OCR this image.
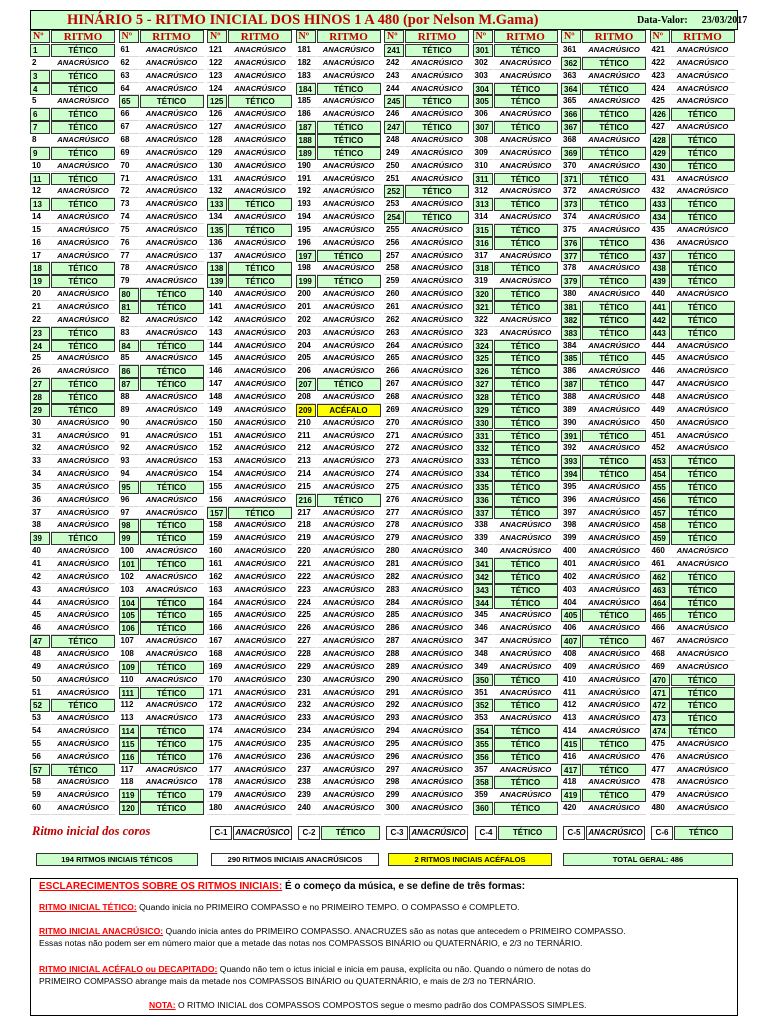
HINÁRIO 5 - RITMO INICIAL DOS HINOS 1 A 480 (por Nelson M.Gama)	Data-Valor: 23/03/2017
Nº	RITMO
1	TÉTICO
2	ANACRÚSICO
3	TÉTICO
4	TÉTICO
5	ANACRÚSICO
6	TÉTICO
7	TÉTICO
8	ANACRÚSICO
9	TÉTICO
10	ANACRÚSICO
11	TÉTICO
12	ANACRÚSICO
13	TÉTICO
14	ANACRÚSICO
15	ANACRÚSICO
16	ANACRÚSICO
17	ANACRÚSICO
18	TÉTICO
19	TÉTICO
20	ANACRÚSICO
21	ANACRÚSICO
22	ANACRÚSICO
23	TÉTICO
24	TÉTICO
25	ANACRÚSICO
26	ANACRÚSICO
27	TÉTICO
28	TÉTICO
29	TÉTICO
30	ANACRÚSICO
31	ANACRÚSICO
32	ANACRÚSICO
33	ANACRÚSICO
34	ANACRÚSICO
35	ANACRÚSICO
36	ANACRÚSICO
37	ANACRÚSICO
38	ANACRÚSICO
39	TÉTICO
40	ANACRÚSICO
41	ANACRÚSICO
42	ANACRÚSICO
43	ANACRÚSICO
44	ANACRÚSICO
45	ANACRÚSICO
46	ANACRÚSICO
47	TÉTICO
48	ANACRÚSICO
49	ANACRÚSICO
50	ANACRÚSICO
51	ANACRÚSICO
52	TÉTICO
53	ANACRÚSICO
54	ANACRÚSICO
55	ANACRÚSICO
56	ANACRÚSICO
57	TÉTICO
58	ANACRÚSICO
59	ANACRÚSICO
60	ANACRÚSICO
Nº	RITMO
61	ANACRÚSICO
62	ANACRÚSICO
63	ANACRÚSICO
64	ANACRÚSICO
65	TÉTICO
66	ANACRÚSICO
67	ANACRÚSICO
68	ANACRÚSICO
69	ANACRÚSICO
70	ANACRÚSICO
71	ANACRÚSICO
72	ANACRÚSICO
73	ANACRÚSICO
74	ANACRÚSICO
75	ANACRÚSICO
76	ANACRÚSICO
77	ANACRÚSICO
78	ANACRÚSICO
79	ANACRÚSICO
80	TÉTICO
81	TÉTICO
82	ANACRÚSICO
83	ANACRÚSICO
84	TÉTICO
85	ANACRÚSICO
86	TÉTICO
87	TÉTICO
88	ANACRÚSICO
89	ANACRÚSICO
90	ANACRÚSICO
91	ANACRÚSICO
92	ANACRÚSICO
93	ANACRÚSICO
94	ANACRÚSICO
95	TÉTICO
96	ANACRÚSICO
97	ANACRÚSICO
98	TÉTICO
99	TÉTICO
100	ANACRÚSICO
101	TÉTICO
102	ANACRÚSICO
103	ANACRÚSICO
104	TÉTICO
105	TÉTICO
106	TÉTICO
107	ANACRÚSICO
108	ANACRÚSICO
109	TÉTICO
110	ANACRÚSICO
111	TÉTICO
112	ANACRÚSICO
113	ANACRÚSICO
114	TÉTICO
115	TÉTICO
116	TÉTICO
117	ANACRÚSICO
118	ANACRÚSICO
119	TÉTICO
120	TÉTICO
Nº	RITMO
121	ANACRÚSICO
122	ANACRÚSICO
123	ANACRÚSICO
124	ANACRÚSICO
125	TÉTICO
126	ANACRÚSICO
127	ANACRÚSICO
128	ANACRÚSICO
129	ANACRÚSICO
130	ANACRÚSICO
131	ANACRÚSICO
132	ANACRÚSICO
133	TÉTICO
134	ANACRÚSICO
135	TÉTICO
136	ANACRÚSICO
137	ANACRÚSICO
138	TÉTICO
139	TÉTICO
140	ANACRÚSICO
141	ANACRÚSICO
142	ANACRÚSICO
143	ANACRÚSICO
144	ANACRÚSICO
145	ANACRÚSICO
146	ANACRÚSICO
147	ANACRÚSICO
148	ANACRÚSICO
149	ANACRÚSICO
150	ANACRÚSICO
151	ANACRÚSICO
152	ANACRÚSICO
153	ANACRÚSICO
154	ANACRÚSICO
155	ANACRÚSICO
156	ANACRÚSICO
157	TÉTICO
158	ANACRÚSICO
159	ANACRÚSICO
160	ANACRÚSICO
161	ANACRÚSICO
162	ANACRÚSICO
163	ANACRÚSICO
164	ANACRÚSICO
165	ANACRÚSICO
166	ANACRÚSICO
167	ANACRÚSICO
168	ANACRÚSICO
169	ANACRÚSICO
170	ANACRÚSICO
171	ANACRÚSICO
172	ANACRÚSICO
173	ANACRÚSICO
174	ANACRÚSICO
175	ANACRÚSICO
176	ANACRÚSICO
177	ANACRÚSICO
178	ANACRÚSICO
179	ANACRÚSICO
180	ANACRÚSICO
Nº	RITMO
181	ANACRÚSICO
182	ANACRÚSICO
183	ANACRÚSICO
184	TÉTICO
185	ANACRÚSICO
186	ANACRÚSICO
187	TÉTICO
188	TÉTICO
189	TÉTICO
190	ANACRÚSICO
191	ANACRÚSICO
192	ANACRÚSICO
193	ANACRÚSICO
194	ANACRÚSICO
195	ANACRÚSICO
196	ANACRÚSICO
197	TÉTICO
198	ANACRÚSICO
199	TÉTICO
200	ANACRÚSICO
201	ANACRÚSICO
202	ANACRÚSICO
203	ANACRÚSICO
204	ANACRÚSICO
205	ANACRÚSICO
206	ANACRÚSICO
207	TÉTICO
208	ANACRÚSICO
209	ACÉFALO
210	ANACRÚSICO
211	ANACRÚSICO
212	ANACRÚSICO
213	ANACRÚSICO
214	ANACRÚSICO
215	ANACRÚSICO
216	TÉTICO
217	ANACRÚSICO
218	ANACRÚSICO
219	ANACRÚSICO
220	ANACRÚSICO
221	ANACRÚSICO
222	ANACRÚSICO
223	ANACRÚSICO
224	ANACRÚSICO
225	ANACRÚSICO
226	ANACRÚSICO
227	ANACRÚSICO
228	ANACRÚSICO
229	ANACRÚSICO
230	ANACRÚSICO
231	ANACRÚSICO
232	ANACRÚSICO
233	ANACRÚSICO
234	ANACRÚSICO
235	ANACRÚSICO
236	ANACRÚSICO
237	ANACRÚSICO
238	ANACRÚSICO
239	ANACRÚSICO
240	ANACRÚSICO
Nº	RITMO
241	TÉTICO
242	ANACRÚSICO
243	ANACRÚSICO
244	ANACRÚSICO
245	TÉTICO
246	ANACRÚSICO
247	TÉTICO
248	ANACRÚSICO
249	ANACRÚSICO
250	ANACRÚSICO
251	ANACRÚSICO
252	TÉTICO
253	ANACRÚSICO
254	TÉTICO
255	ANACRÚSICO
256	ANACRÚSICO
257	ANACRÚSICO
258	ANACRÚSICO
259	ANACRÚSICO
260	ANACRÚSICO
261	ANACRÚSICO
262	ANACRÚSICO
263	ANACRÚSICO
264	ANACRÚSICO
265	ANACRÚSICO
266	ANACRÚSICO
267	ANACRÚSICO
268	ANACRÚSICO
269	ANACRÚSICO
270	ANACRÚSICO
271	ANACRÚSICO
272	ANACRÚSICO
273	ANACRÚSICO
274	ANACRÚSICO
275	ANACRÚSICO
276	ANACRÚSICO
277	ANACRÚSICO
278	ANACRÚSICO
279	ANACRÚSICO
280	ANACRÚSICO
281	ANACRÚSICO
282	ANACRÚSICO
283	ANACRÚSICO
284	ANACRÚSICO
285	ANACRÚSICO
286	ANACRÚSICO
287	ANACRÚSICO
288	ANACRÚSICO
289	ANACRÚSICO
290	ANACRÚSICO
291	ANACRÚSICO
292	ANACRÚSICO
293	ANACRÚSICO
294	ANACRÚSICO
295	ANACRÚSICO
296	ANACRÚSICO
297	ANACRÚSICO
298	ANACRÚSICO
299	ANACRÚSICO
300	ANACRÚSICO
Nº	RITMO
301	TÉTICO
302	ANACRÚSICO
303	ANACRÚSICO
304	TÉTICO
305	TÉTICO
306	ANACRÚSICO
307	TÉTICO
308	ANACRÚSICO
309	ANACRÚSICO
310	ANACRÚSICO
311	TÉTICO
312	ANACRÚSICO
313	TÉTICO
314	ANACRÚSICO
315	TÉTICO
316	TÉTICO
317	ANACRÚSICO
318	TÉTICO
319	ANACRÚSICO
320	TÉTICO
321	TÉTICO
322	ANACRÚSICO
323	ANACRÚSICO
324	TÉTICO
325	TÉTICO
326	TÉTICO
327	TÉTICO
328	TÉTICO
329	TÉTICO
330	TÉTICO
331	TÉTICO
332	TÉTICO
333	TÉTICO
334	TÉTICO
335	TÉTICO
336	TÉTICO
337	TÉTICO
338	ANACRÚSICO
339	ANACRÚSICO
340	ANACRÚSICO
341	TÉTICO
342	TÉTICO
343	TÉTICO
344	TÉTICO
345	ANACRÚSICO
346	ANACRÚSICO
347	ANACRÚSICO
348	ANACRÚSICO
349	ANACRÚSICO
350	TÉTICO
351	ANACRÚSICO
352	TÉTICO
353	ANACRÚSICO
354	TÉTICO
355	TÉTICO
356	TÉTICO
357	ANACRÚSICO
358	TÉTICO
359	ANACRÚSICO
360	TÉTICO
Nº	RITMO
361	ANACRÚSICO
362	TÉTICO
363	ANACRÚSICO
364	TÉTICO
365	ANACRÚSICO
366	TÉTICO
367	TÉTICO
368	ANACRÚSICO
369	TÉTICO
370	ANACRÚSICO
371	TÉTICO
372	ANACRÚSICO
373	TÉTICO
374	ANACRÚSICO
375	ANACRÚSICO
376	TÉTICO
377	TÉTICO
378	ANACRÚSICO
379	TÉTICO
380	ANACRÚSICO
381	TÉTICO
382	TÉTICO
383	TÉTICO
384	ANACRÚSICO
385	TÉTICO
386	ANACRÚSICO
387	TÉTICO
388	ANACRÚSICO
389	ANACRÚSICO
390	ANACRÚSICO
391	TÉTICO
392	ANACRÚSICO
393	TÉTICO
394	TÉTICO
395	ANACRÚSICO
396	ANACRÚSICO
397	ANACRÚSICO
398	ANACRÚSICO
399	ANACRÚSICO
400	ANACRÚSICO
401	ANACRÚSICO
402	ANACRÚSICO
403	ANACRÚSICO
404	ANACRÚSICO
405	TÉTICO
406	ANACRÚSICO
407	TÉTICO
408	ANACRÚSICO
409	ANACRÚSICO
410	ANACRÚSICO
411	ANACRÚSICO
412	ANACRÚSICO
413	ANACRÚSICO
414	ANACRÚSICO
415	TÉTICO
416	ANACRÚSICO
417	TÉTICO
418	ANACRÚSICO
419	TÉTICO
420	ANACRÚSICO
Nº	RITMO
421	ANACRÚSICO
422	ANACRÚSICO
423	ANACRÚSICO
424	ANACRÚSICO
425	ANACRÚSICO
426	TÉTICO
427	ANACRÚSICO
428	TÉTICO
429	TÉTICO
430	TÉTICO
431	ANACRÚSICO
432	ANACRÚSICO
433	TÉTICO
434	TÉTICO
435	ANACRÚSICO
436	ANACRÚSICO
437	TÉTICO
438	TÉTICO
439	TÉTICO
440	ANACRÚSICO
441	TÉTICO
442	TÉTICO
443	TÉTICO
444	ANACRÚSICO
445	ANACRÚSICO
446	ANACRÚSICO
447	ANACRÚSICO
448	ANACRÚSICO
449	ANACRÚSICO
450	ANACRÚSICO
451	ANACRÚSICO
452	ANACRÚSICO
453	TÉTICO
454	TÉTICO
455	TÉTICO
456	TÉTICO
457	TÉTICO
458	TÉTICO
459	TÉTICO
460	ANACRÚSICO
461	ANACRÚSICO
462	TÉTICO
463	TÉTICO
464	TÉTICO
465	TÉTICO
466	ANACRÚSICO
467	ANACRÚSICO
468	ANACRÚSICO
469	ANACRÚSICO
470	TÉTICO
471	TÉTICO
472	TÉTICO
473	TÉTICO
474	TÉTICO
475	ANACRÚSICO
476	ANACRÚSICO
477	ANACRÚSICO
478	ANACRÚSICO
479	ANACRÚSICO
480	ANACRÚSICO
Ritmo inicial dos coros	C-1 ANACRÚSICO	C-2	TÉTICO	C-3 ANACRÚSICO	C-4	TÉTICO	C-5 ANACRÚSICO	C-6	TÉTICO
194 RITMOS INICIAIS TÉTICOS	290 RITMOS INICIAIS ANACRÚSICOS	2 RITMOS INICIAIS ACÉFALOS	TOTAL GERAL: 486
ESCLARECIMENTOS SOBRE OS RITMOS INICIAIS: É o começo da música, e se define de três formas:
RITMO INICIAL TÉTICO: Quando inicia no PRIMEIRO COMPASSO e no PRIMEIRO TEMPO. O COMPASSO é COMPLETO.
RITMO INICIAL ANACRÚSICO: Quando inicia antes do PRIMEIRO COMPASSO. ANACRUZES são as notas que antecedem o PRIMEIRO COMPASSO.
Essas notas não podem ser em número maior que a metade das notas nos COMPASSOS BINÁRIO ou QUATERNÁRIO, e 2/3 no TERNÁRIO.
RITMO INICIAL ACÉFALO ou DECAPITADO: Quando não tem o ictus inicial e inicia em pausa, explícita ou não. Quando o número de notas do
PRIMEIRO COMPASSO abrange mais da metade nos COMPASSOS BINÁRIO ou QUATERNÁRIO, e mais de 2/3 no TERNÁRIO.
NOTA: O RITMO INICIAL dos COMPASSOS COMPOSTOS segue o mesmo padrão dos COMPASSOS SIMPLES.
